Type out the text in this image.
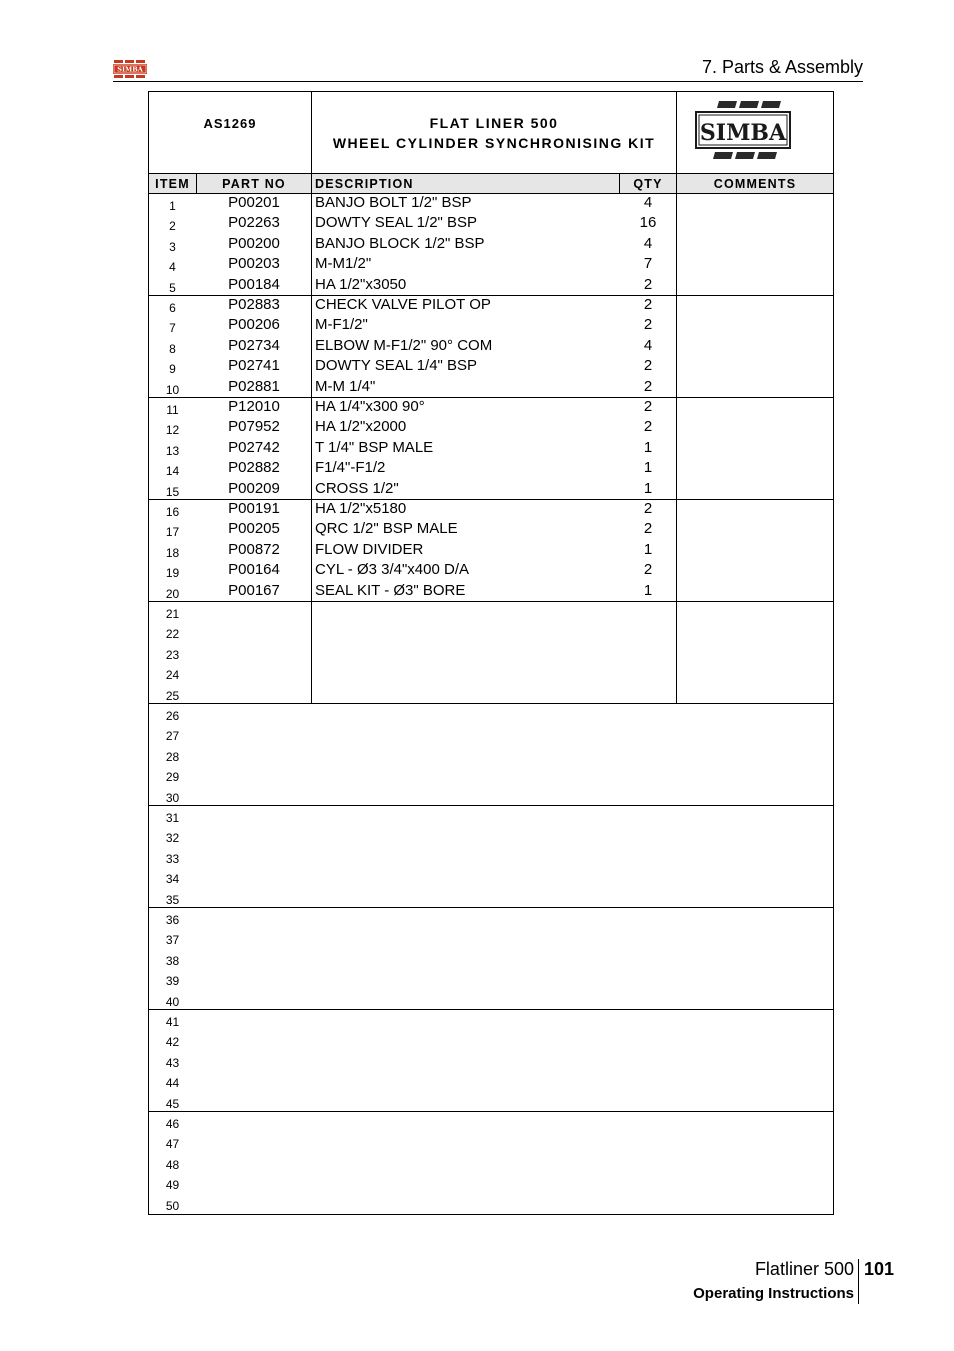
SIMBA	7. Parts & Assembly
AS1269	FLAT LINER 500
WHEEL CYLINDER SYNCHRONISING KIT	SIMBA
ITEM	PART NO	DESCRIPTION	QTY	COMMENTS
1	P00201	BANJO BOLT 1/2" BSP	4
2	P02263	DOWTY SEAL 1/2" BSP	16
3	P00200	BANJO BLOCK 1/2" BSP	4
4	P00203	M-M1/2"	7
5	P00184	HA 1/2"x3050	2
6	P02883	CHECK VALVE PILOT OP	2
7	P00206	M-F1/2"	2
8	P02734	ELBOW M-F1/2" 90° COM	4
9	P02741	DOWTY SEAL 1/4" BSP	2
10	P02881	M-M 1/4"	2
11	P12010	HA 1/4"x300 90°	2
12	P07952	HA 1/2"x2000	2
13	P02742	T 1/4" BSP MALE	1
14	P02882	F1/4"-F1/2	1
15	P00209	CROSS 1/2"	1
16	P00191	HA 1/2"x5180	2
17	P00205	QRC 1/2" BSP MALE	2
18	P00872	FLOW DIVIDER	1
19	P00164	CYL - Ø3 3/4"x400 D/A	2
20	P00167	SEAL KIT - Ø3" BORE	1
21
22
23
24
25
26
27
28
29
30
31
32
33
34
35
36
37
38
39
40
41
42
43
44
45
46
47
48
49
50
Flatliner 500 101
Operating Instructions
